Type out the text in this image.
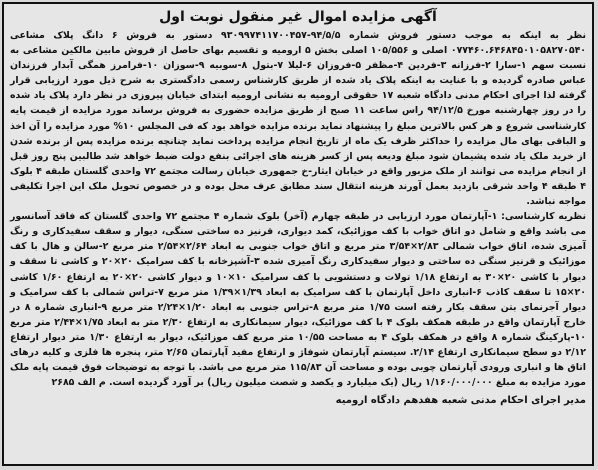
آگهی مزایده اموال غیر منقول نوبت اول

نظر به اینکه به موجب دستور فروش شماره ۹۴/۵/۵-۹۳۰۹۹۷۴۱۱۷۰۰۴۵۷ دستور به فروش ۶ دانگ پلاک مشاعی ۰۷۷۴۶۰.۶۴۶۸۴۵۰۱۰۵۸۲۷۰۵۴۰ اصلی و ۱۰۵/۵۵۶ اصلی بخش ۵ ارومیه و تقسیم بهای حاصل از فروش مابین مالکین مشاعی به نسبت سهم ۱-سارا ۲-فرزانه ۳-فردین ۴-مظفر ۵-فروزان ۶-لیلا ۷-بتول ۸-سوبیه ۹-سوزان ۱۰-فرامرز همگی آبدار فرزندان عباس صادره گردیده و با عنایت به اینکه پلاک یاد شده از طریق کارشناس رسمی دادگستری به شرح ذیل مورد ارزیابی قرار گرفته لذا اجرای احکام مدنی دادگاه شعبه ۱۷ حقوقی ارومیه به نشانی ارومیه ابتدای خیابان پیروزی در نظر دارد پلاک یاد شده را در روز چهارشنبه مورخ ۹۴/۱۲/۵ راس ساعت ۱۱ صبح از طریق مزایده حضوری به فروش برساند مورد مزایده از قیمت پایه کارشناسی شروع و هر کس بالاترین مبلغ را پیشنهاد نماید برنده مزایده خواهد بود که فی المجلس ۱۰% مورد مزایده را آن اخذ و الباقی بهای مال مزایده را حداکثر ظرف یک ماه از تاریخ انجام مزایده پرداخت نماید چنانچه برنده مزایده پس از برنده شدن از خرید ملک یاد شده پشیمان شود مبلغ ودیعه پس از کسر هزینه های اجرائی بنفع دولت ضبط خواهد شد طالبین پنج روز قبل از انجام مزایده می توانند از ملک مزبور واقع در خیابان ایثار-خ جمهوری خیابان رسالت مجتمع ۷۲ واحدی گلستان طبقه ۴ بلوک ۴ طبقه ۴ واحد شرقی بازدید بعمل آورند هزینه انتقال سند مطابق عرف محل بوده و در خصوص تحویل ملک این اجرا تکلیفی مواجه نباشد.

نظریه کارشناسی: ۱-آپارتمان مورد ارزیابی در طبقه چهارم (آخر) بلوک شماره ۴ مجتمع ۷۲ واحدی گلستان که فاقد آسانسور می باشد واقع و شامل دو اتاق خواب با کف موزائیک، کمد دیواری، قرنیز ده ساختی سنگی، دیوار و سقف سفیدکاری و رنگ آمیزی شده، اتاق خواب شمالی ۲/۸۳×۳/۵۴ متر مربع و اتاق خواب جنوبی به ابعاد ۲/۶۴×۲/۵۴ متر مربع ۲-سالن و هال با کف موزائیک و قرنیز سنگی ده ساختی و دیوار سفیدکاری رنگ آمیزی شده ۳-آشپزخانه با کف سرامیک ۲۰×۲۰ و کاشی تا سقف و دیوار با کاشی ۲۰×۳۰ به ارتفاع ۱/۱۸ تولات و دستشویی با کف سرامیک ۱۰×۱۰ و دیوار کاشی ۲۰×۲۰ به ارتفاع ۱/۶۰ کاشی ۲۰×۱۵ تا سقف کاذب ۶-انباری داخل آپارتمان با کف سرامیک به ابعاد ۱/۳۹×۱/۳۹ متر مربع ۷-تراس شمالی با کف سرامیک و دیوار آجرنمای بتن سقف بکار رفته است ۱/۷۵ متر مربع ۸-تراس جنوبی به ابعاد ۱/۲۰×۲/۲۴ متر مربع ۹-انباری شماره ۸ در خارج آپارتمان واقع در طبقه همکف بلوک ۴ با کف موزائیک، دیوار سیمانکاری به ارتفاع ۲/۳۰ متر به ابعاد ۱/۷۵×۲/۴۴ متر مربع ۱۰-پارکینگ شماره ۸ واقع در همکف بلوک ۴ به مساحت ۱۰/۵۵ متر مربع کف موزائیک، دیوار به ارتفاع ۱/۳۰ متر دیوار ارتفاع ۲/۱۲ دو سطح سیمانکاری ارتفاع ۲/۱۴. سیستم آپارتمان شوفاژ و ارتفاع مفید آپارتمان ۲/۶۵ متر، پنجره ها فلزی و کلیه درهای اتاق ها و انباری ورودی آپارتمان چوبی بوده و مساحت آن ۱۱۵/۸۳ متر مربع می باشد. با توجه به توضیحات فوق قیمت پایه ملک مورد مزایده به مبلغ ۱/۱۶۰/۰۰۰/۰۰۰ ریال (یک میلیارد و یکصد و شصت میلیون ریال) بر آورد گردیده است. م الف ۲۶۸۵

مدیر اجرای احکام مدنی شعبه هفدهم دادگاه ارومیه
